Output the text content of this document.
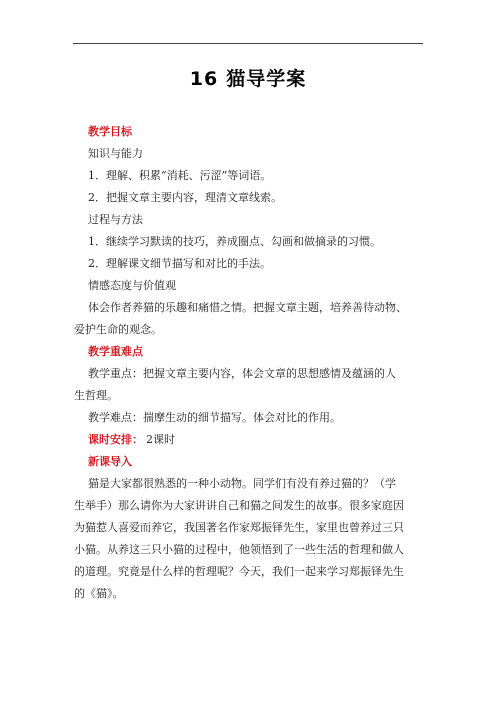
16 猫导学案
教学目标
知识与能力
1．理解、积累“消耗、污涩”等词语。
2．把握文章主要内容，理清文章线索。
过程与方法
1．继续学习默读的技巧，养成圈点、勾画和做摘录的习惯。
2．理解课文细节描写和对比的手法。
情感态度与价值观
体会作者养猫的乐趣和痛惜之情。把握文章主题，培养善待动物、
爱护生命的观念。
教学重难点
教学重点：把握文章主要内容，体会文章的思想感情及蕴涵的人
生哲理。
教学难点：揣摩生动的细节描写。体会对比的作用。
课时安排： 2课时
新课导入
猫是大家都很熟悉的一种小动物。同学们有没有养过猫的？（学
生举手）那么请你为大家讲讲自己和猫之间发生的故事。很多家庭因
为猫惹人喜爱而养它，我国著名作家郑振铎先生，家里也曾养过三只
小猫。从养这三只小猫的过程中，他领悟到了一些生活的哲理和做人
的道理。究竟是什么样的哲理呢？今天，我们一起来学习郑振铎先生
的《猫》。
